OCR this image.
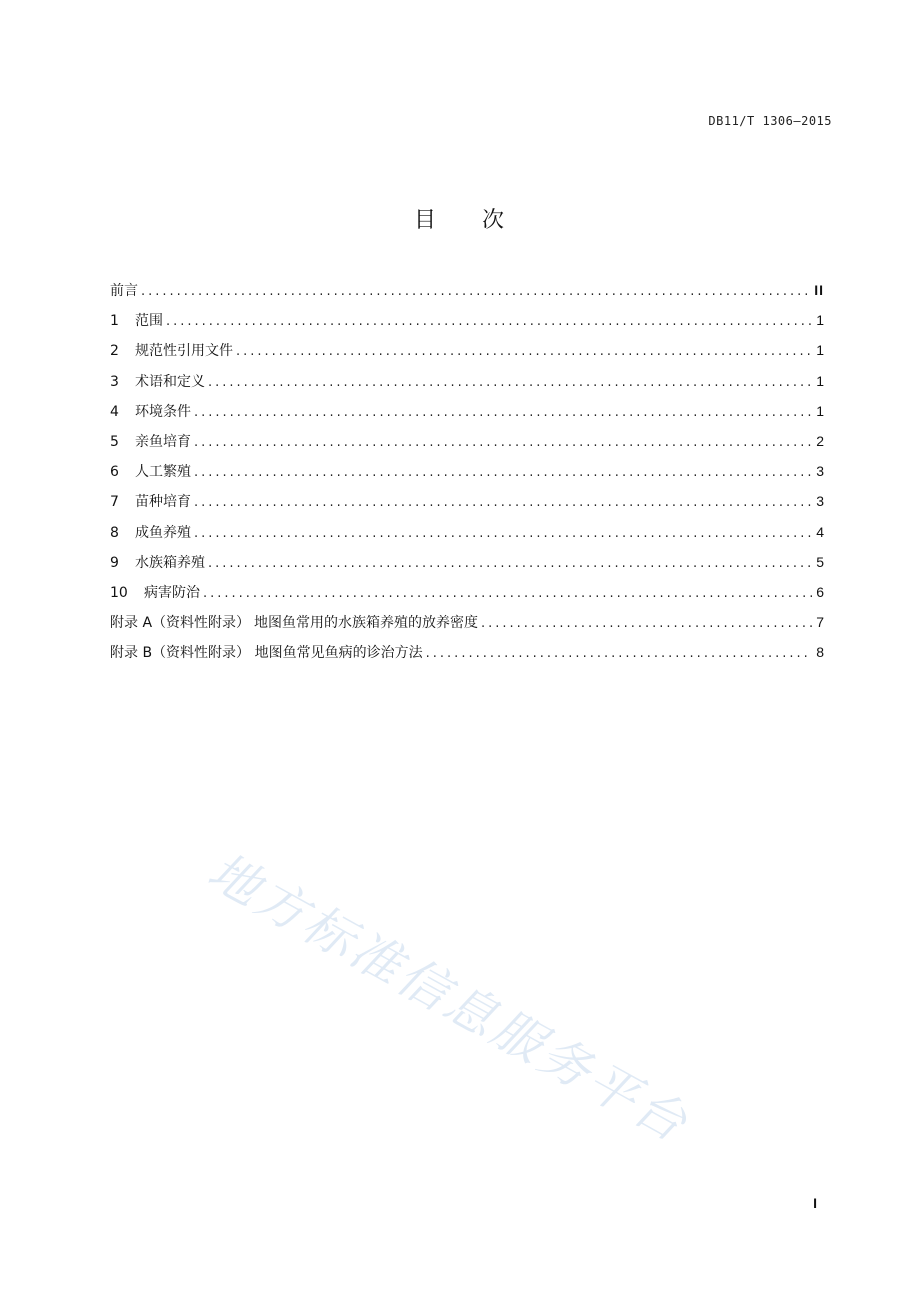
DB11/T 1306—2015
目 次
前言 .....	II
1	范围 .....	1
2	规范性引用文件 .....	1
3	术语和定义 .....	1
4	环境条件 .....	1
5	亲鱼培育 .....	2
6	人工繁殖 .....	3
7	苗种培育 .....	3
8	成鱼养殖 .....	4
9	水族箱养殖 .....	5
10	病害防治 .....	6
附录 A（资料性附录） 地图鱼常用的水族箱养殖的放养密度 .....	7
附录 B（资料性附录） 地图鱼常见鱼病的诊治方法 .....	8
地方标准信息服务平台
I
